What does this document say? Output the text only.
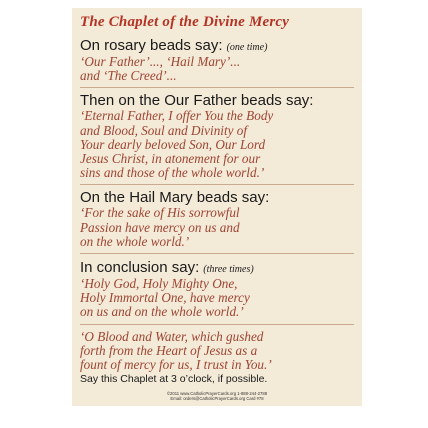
The Chaplet of the Divine Mercy
On rosary beads say: (one time)
‘Our Father’..., ‘Hail Mary’...
and ‘The Creed’...
Then on the Our Father beads say:
‘Eternal Father, I offer You the Body
and Blood, Soul and Divinity of
Your dearly beloved Son, Our Lord
Jesus Christ, in atonement for our
sins and those of the whole world.’
On the Hail Mary beads say:
‘For the sake of His sorrowful
Passion have mercy on us and
on the whole world.’
In conclusion say: (three times)
‘Holy God, Holy Mighty One,
Holy Immortal One, have mercy
on us and on the whole world.’
‘O Blood and Water, which gushed
forth from the Heart of Jesus as a
fount of mercy for us, I trust in You.’
Say this Chaplet at 3 o’clock, if possible.
©2011 www.CatholicPrayerCards.org 1-888-244-2788
Email: orders@CatholicPrayerCards.org Card #78
